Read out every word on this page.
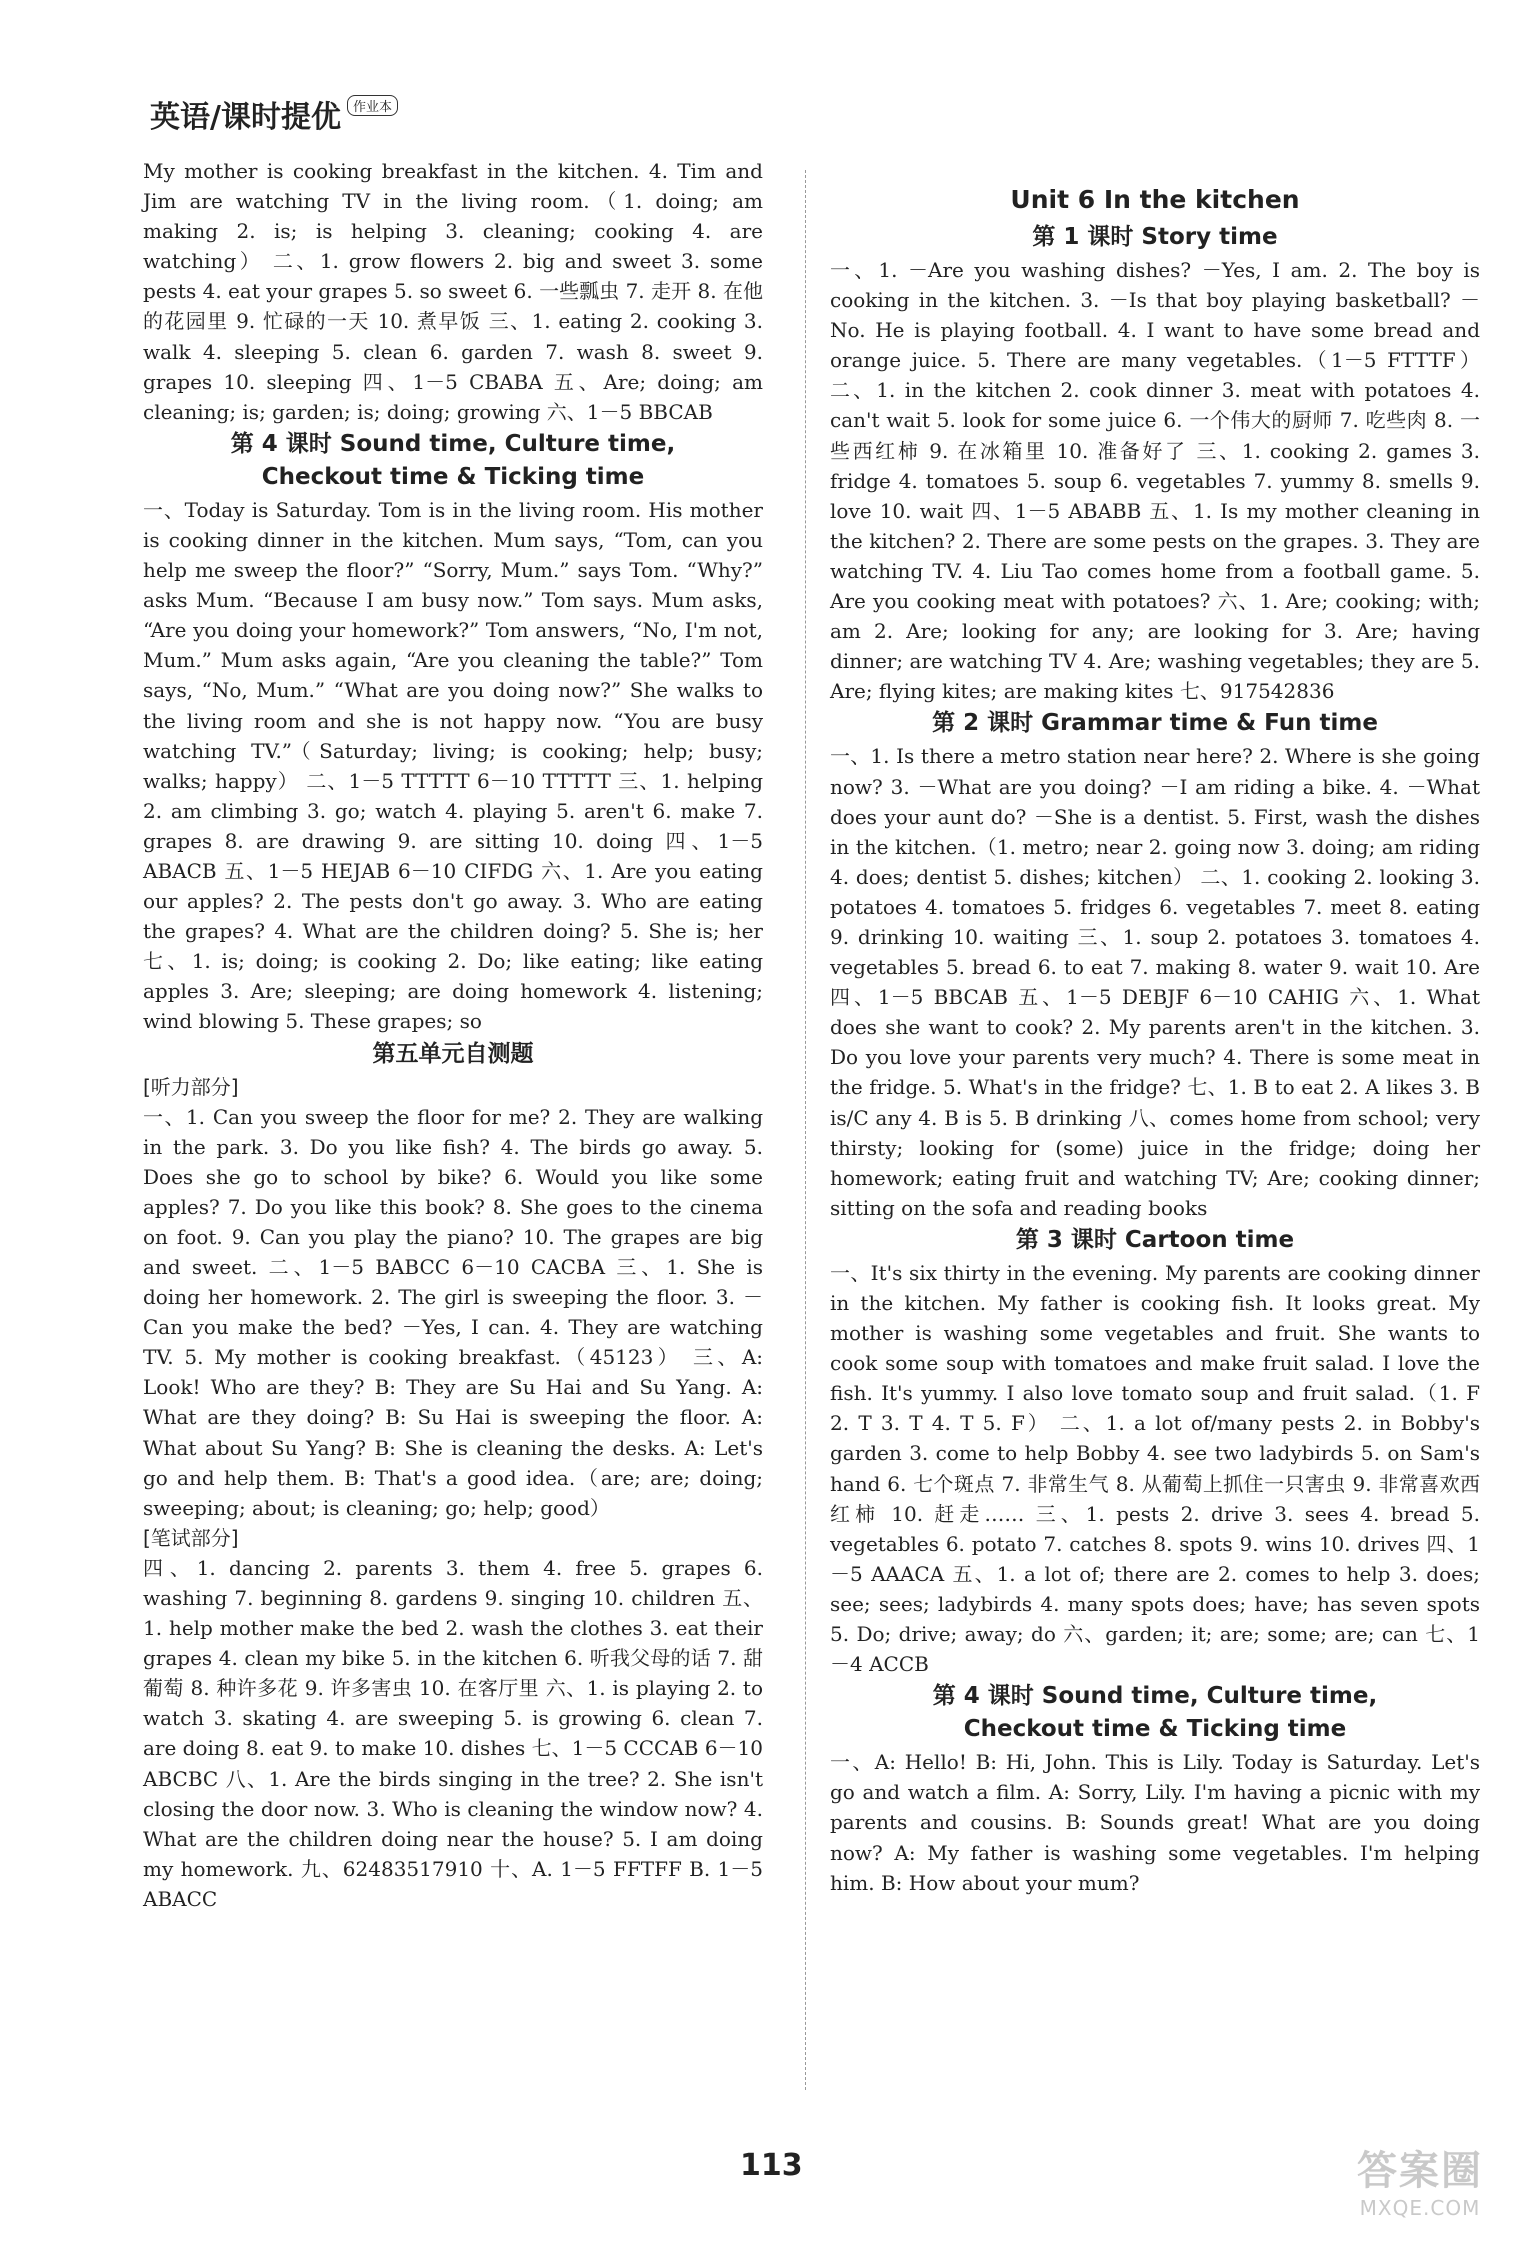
英语/课时提优 作业本

My mother is cooking breakfast in the kitchen. 4. Tim and Jim are watching TV in the living room.（1. doing; am making 2. is; is helping 3. cleaning; cooking 4. are watching） 二、1. grow flowers 2. big and sweet 3. some pests 4. eat your grapes 5. so sweet 6. 一些瓢虫 7. 走开 8. 在他的花园里 9. 忙碌的一天 10. 煮早饭 三、1. eating 2. cooking 3. walk 4. sleeping 5. clean 6. garden 7. wash 8. sweet 9. grapes 10. sleeping 四、1－5 CBABA 五、Are; doing; am cleaning; is; garden; is; doing; growing 六、1－5 BBCAB

第 4 课时 Sound time, Culture time,
Checkout time & Ticking time

一、Today is Saturday. Tom is in the living room. His mother is cooking dinner in the kitchen. Mum says, “Tom, can you help me sweep the floor?” “Sorry, Mum.” says Tom. “Why?” asks Mum. “Because I am busy now.” Tom says. Mum asks, “Are you doing your homework?” Tom answers, “No, I'm not, Mum.” Mum asks again, “Are you cleaning the table?” Tom says, “No, Mum.” “What are you doing now?” She walks to the living room and she is not happy now. “You are busy watching TV.”（Saturday; living; is cooking; help; busy; walks; happy） 二、1－5 TTTTT 6－10 TTTTT 三、1. helping 2. am climbing 3. go; watch 4. playing 5. aren't 6. make 7. grapes 8. are drawing 9. are sitting 10. doing 四、1－5 ABACB 五、1－5 HEJAB 6－10 CIFDG 六、1. Are you eating our apples? 2. The pests don't go away. 3. Who are eating the grapes? 4. What are the children doing? 5. She is; her 七、1. is; doing; is cooking 2. Do; like eating; like eating apples 3. Are; sleeping; are doing homework 4. listening; wind blowing 5. These grapes; so

第五单元自测题
[听力部分]

一、1. Can you sweep the floor for me? 2. They are walking in the park. 3. Do you like fish? 4. The birds go away. 5. Does she go to school by bike? 6. Would you like some apples? 7. Do you like this book? 8. She goes to the cinema on foot. 9. Can you play the piano? 10. The grapes are big and sweet. 二、1－5 BABCC 6－10 CACBA 三、1. She is doing her homework. 2. The girl is sweeping the floor. 3. －Can you make the bed? －Yes, I can. 4. They are watching TV. 5. My mother is cooking breakfast.（45123） 三、A: Look! Who are they? B: They are Su Hai and Su Yang. A: What are they doing? B: Su Hai is sweeping the floor. A: What about Su Yang? B: She is cleaning the desks. A: Let's go and help them. B: That's a good idea.（are; are; doing; sweeping; about; is cleaning; go; help; good）

[笔试部分]

四、1. dancing 2. parents 3. them 4. free 5. grapes 6. washing 7. beginning 8. gardens 9. singing 10. children 五、1. help mother make the bed 2. wash the clothes 3. eat their grapes 4. clean my bike 5. in the kitchen 6. 听我父母的话 7. 甜葡萄 8. 种许多花 9. 许多害虫 10. 在客厅里 六、1. is playing 2. to watch 3. skating 4. are sweeping 5. is growing 6. clean 7. are doing 8. eat 9. to make 10. dishes 七、1－5 CCCAB 6－10 ABCBC 八、1. Are the birds singing in the tree? 2. She isn't closing the door now. 3. Who is cleaning the window now? 4. What are the children doing near the house? 5. I am doing my homework. 九、62483517910 十、A. 1－5 FFTFF B. 1－5 ABACC

Unit 6 In the kitchen
第 1 课时 Story time

一、1. －Are you washing dishes? －Yes, I am. 2. The boy is cooking in the kitchen. 3. －Is that boy playing basketball? －No. He is playing football. 4. I want to have some bread and orange juice. 5. There are many vegetables.（1－5 FTTTF） 二、1. in the kitchen 2. cook dinner 3. meat with potatoes 4. can't wait 5. look for some juice 6. 一个伟大的厨师 7. 吃些肉 8. 一些西红柿 9. 在冰箱里 10. 准备好了 三、1. cooking 2. games 3. fridge 4. tomatoes 5. soup 6. vegetables 7. yummy 8. smells 9. love 10. wait 四、1－5 ABABB 五、1. Is my mother cleaning in the kitchen? 2. There are some pests on the grapes. 3. They are watching TV. 4. Liu Tao comes home from a football game. 5. Are you cooking meat with potatoes? 六、1. Are; cooking; with; am 2. Are; looking for any; are looking for 3. Are; having dinner; are watching TV 4. Are; washing vegetables; they are 5. Are; flying kites; are making kites 七、917542836

第 2 课时 Grammar time & Fun time

一、1. Is there a metro station near here? 2. Where is she going now? 3. －What are you doing? －I am riding a bike. 4. －What does your aunt do? －She is a dentist. 5. First, wash the dishes in the kitchen.（1. metro; near 2. going now 3. doing; am riding 4. does; dentist 5. dishes; kitchen） 二、1. cooking 2. looking 3. potatoes 4. tomatoes 5. fridges 6. vegetables 7. meet 8. eating 9. drinking 10. waiting 三、1. soup 2. potatoes 3. tomatoes 4. vegetables 5. bread 6. to eat 7. making 8. water 9. wait 10. Are 四、1－5 BBCAB 五、1－5 DEBJF 6－10 CAHIG 六、1. What does she want to cook? 2. My parents aren't in the kitchen. 3. Do you love your parents very much? 4. There is some meat in the fridge. 5. What's in the fridge? 七、1. B to eat 2. A likes 3. B is/C any 4. B is 5. B drinking 八、comes home from school; very thirsty; looking for (some) juice in the fridge; doing her homework; eating fruit and watching TV; Are; cooking dinner; sitting on the sofa and reading books

第 3 课时 Cartoon time

一、It's six thirty in the evening. My parents are cooking dinner in the kitchen. My father is cooking fish. It looks great. My mother is washing some vegetables and fruit. She wants to cook some soup with tomatoes and make fruit salad. I love the fish. It's yummy. I also love tomato soup and fruit salad.（1. F 2. T 3. T 4. T 5. F） 二、1. a lot of/many pests 2. in Bobby's garden 3. come to help Bobby 4. see two ladybirds 5. on Sam's hand 6. 七个斑点 7. 非常生气 8. 从葡萄上抓住一只害虫 9. 非常喜欢西红柿 10. 赶走…… 三、1. pests 2. drive 3. sees 4. bread 5. vegetables 6. potato 7. catches 8. spots 9. wins 10. drives 四、1－5 AAACA 五、1. a lot of; there are 2. comes to help 3. does; see; sees; ladybirds 4. many spots does; have; has seven spots 5. Do; drive; away; do 六、garden; it; are; some; are; can 七、1－4 ACCB

第 4 课时 Sound time, Culture time,
Checkout time & Ticking time

一、A: Hello! B: Hi, John. This is Lily. Today is Saturday. Let's go and watch a film. A: Sorry, Lily. I'm having a picnic with my parents and cousins. B: Sounds great! What are you doing now? A: My father is washing some vegetables. I'm helping him. B: How about your mum?

113	答案圈
MXQE.COM
